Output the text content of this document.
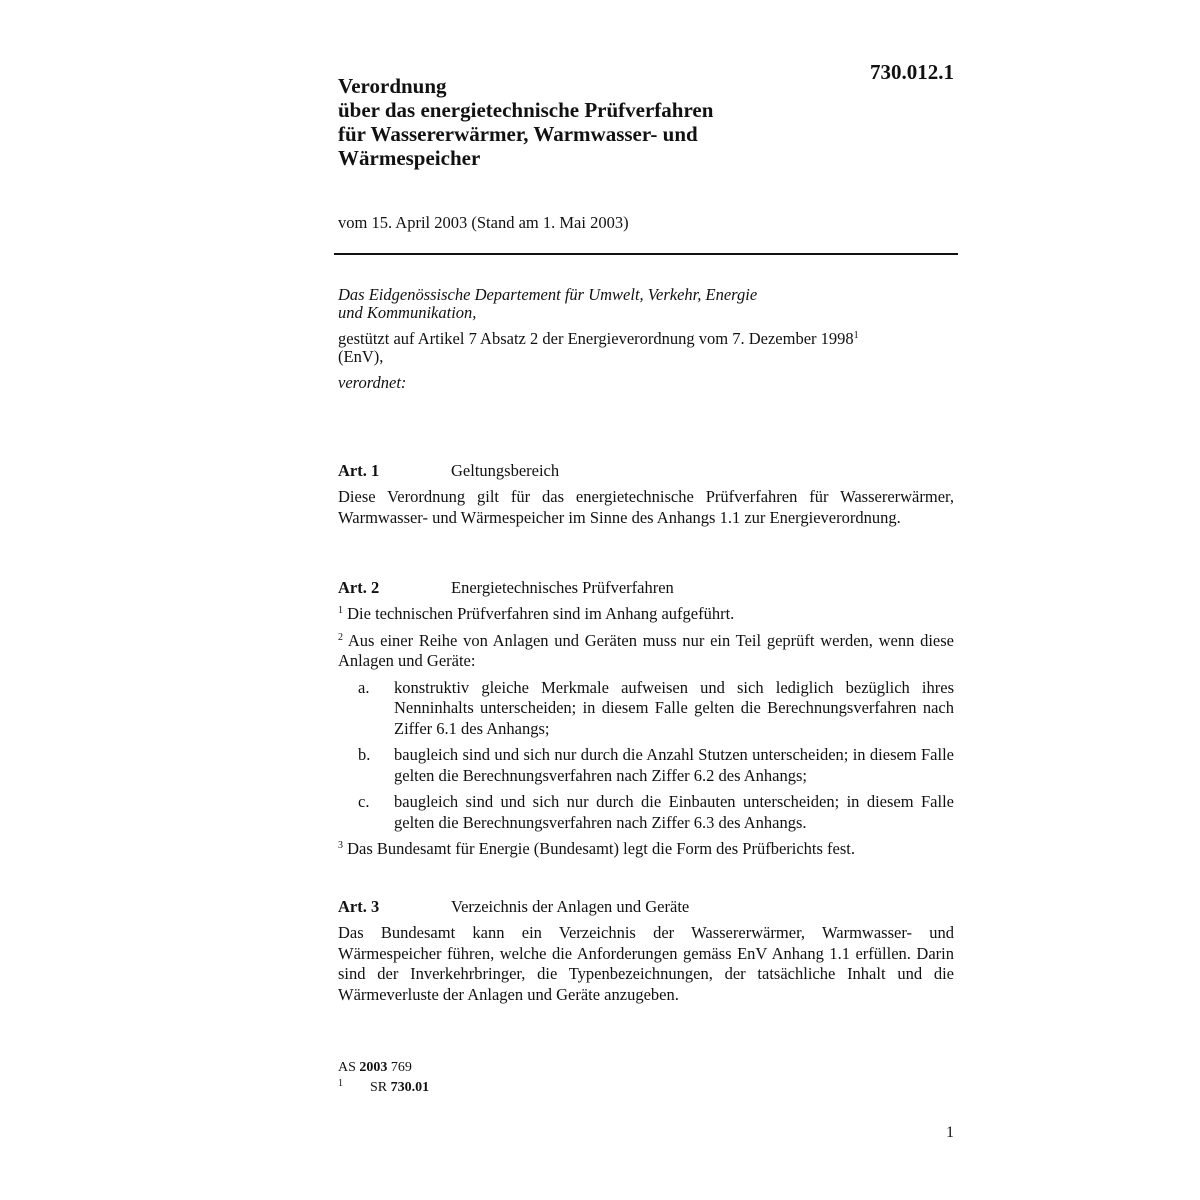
730.012.1
Verordnung
über das energietechnische Prüfverfahren
für Wassererwärmer, Warmwasser- und
Wärmespeicher
vom 15. April 2003 (Stand am 1. Mai 2003)

Das Eidgenössische Departement für Umwelt, Verkehr, Energie
und Kommunikation,

gestützt auf Artikel 7 Absatz 2 der Energieverordnung vom 7. Dezember 1998$^1$
(EnV),

verordnet:

Art. 1	Geltungsbereich

Diese Verordnung gilt für das energietechnische Prüfverfahren für Wassererwärmer, Warmwasser- und Wärmespeicher im Sinne des Anhangs 1.1 zur Energieverordnung.

Art. 2	Energietechnisches Prüfverfahren

$^1$ Die technischen Prüfverfahren sind im Anhang aufgeführt.

$^2$ Aus einer Reihe von Anlagen und Geräten muss nur ein Teil geprüft werden, wenn diese Anlagen und Geräte:

a. konstruktiv gleiche Merkmale aufweisen und sich lediglich bezüglich ihres Nenninhalts unterscheiden; in diesem Falle gelten die Berechnungsverfahren nach Ziffer 6.1 des Anhangs;
b. baugleich sind und sich nur durch die Anzahl Stutzen unterscheiden; in diesem Falle gelten die Berechnungsverfahren nach Ziffer 6.2 des Anhangs;
c. baugleich sind und sich nur durch die Einbauten unterscheiden; in diesem Falle gelten die Berechnungsverfahren nach Ziffer 6.3 des Anhangs.

$^3$ Das Bundesamt für Energie (Bundesamt) legt die Form des Prüfberichts fest.

Art. 3	Verzeichnis der Anlagen und Geräte

Das Bundesamt kann ein Verzeichnis der Wassererwärmer, Warmwasser- und Wärmespeicher führen, welche die Anforderungen gemäss EnV Anhang 1.1 erfüllen. Darin sind der Inverkehrbringer, die Typenbezeichnungen, der tatsächliche Inhalt und die Wärmeverluste der Anlagen und Geräte anzugeben.

AS 2003 769
1 SR 730.01
1
